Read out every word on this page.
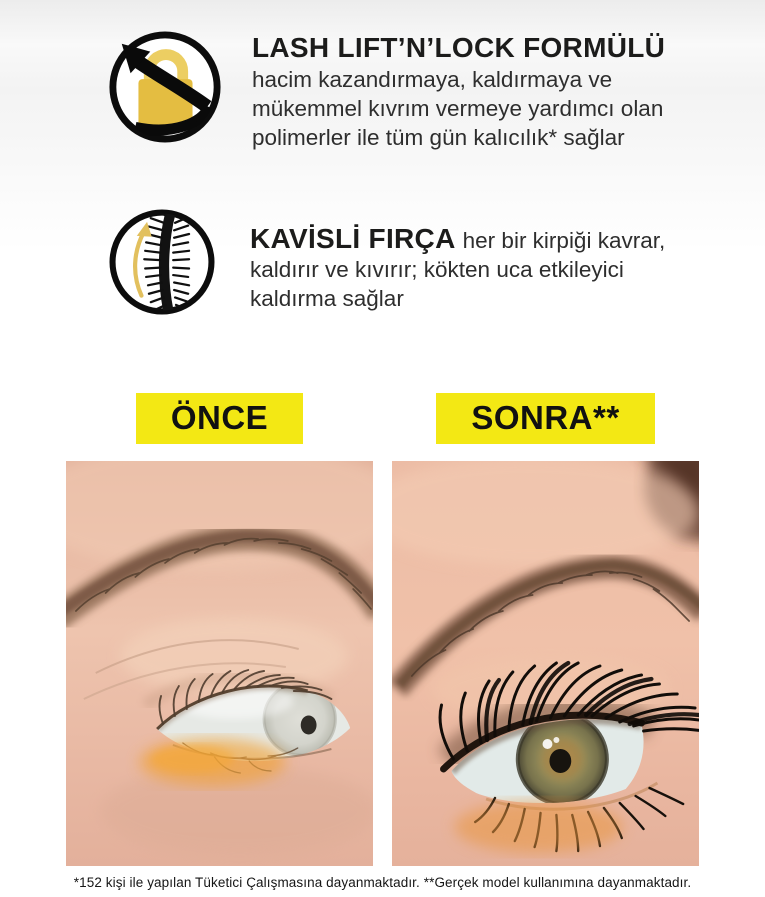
LASH LIFT’N’LOCK FORMÜLÜ

hacim kazandırmaya, kaldırmaya ve mükemmel kıvrım vermeye yardımcı olan polimerler ile tüm gün kalıcılık* sağlar

KAVİSLİ FIRÇA her bir kirpiği kavrar, kaldırır ve kıvırır; kökten uca etkileyici kaldırma sağlar

ÖNCE	SONRA**

*152 kişi ile yapılan Tüketici Çalışmasına dayanmaktadır. **Gerçek model kullanımına dayanmaktadır.
